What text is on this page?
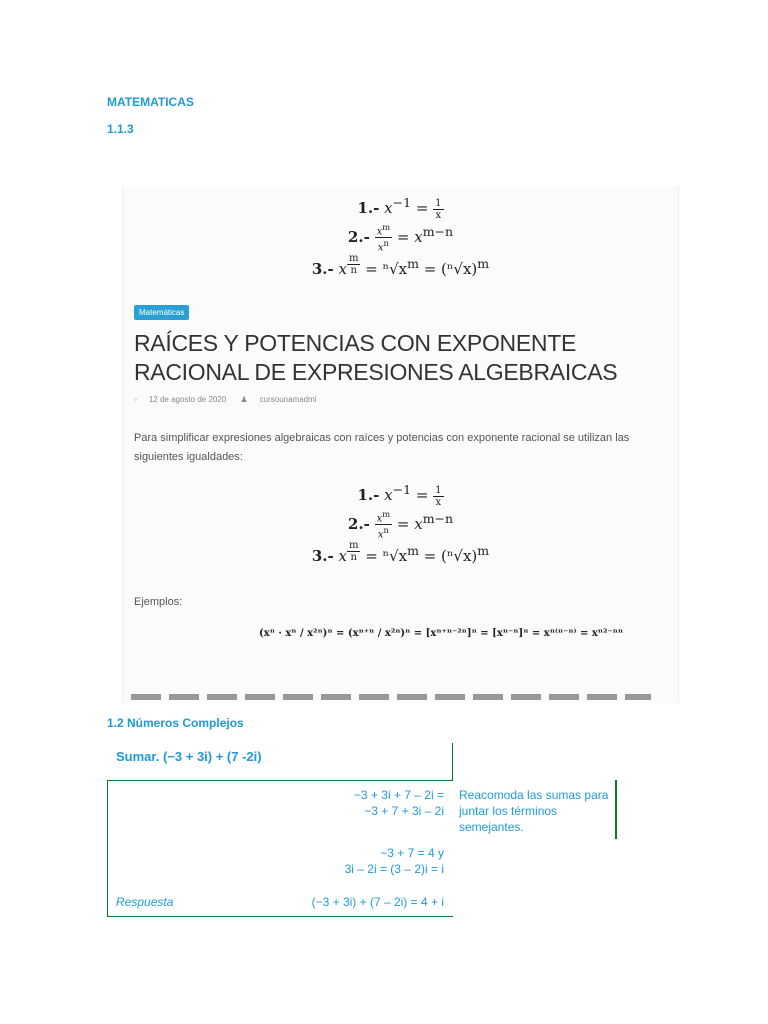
MATEMATICAS
1.1.3
1.- $x^{-1} = \frac{1}{x}$
$2.- \frac{x^m}{x^n} = x^{m-n}$
3.- x $^{\frac{m}{n}} = ^n√x^m = (^n√x)^m$
Matemáticas
RAÍCES Y POTENCIAS CON EXPONENTE RACIONAL DE EXPRESIONES ALGEBRAICAS
▫ 12 de agosto de 2020 ♟ cursounamadmi
Para simplificar expresiones algebraicas con raíces y potencias con exponente racional se utilizan las siguientes igualdades:
1.- $x^{-1} = \frac{1}{x}$
$2.- \frac{x^m}{x^n} = x^{m-n}$
3.- x $^{\frac{m}{n}} = ^n√x^m = (^n√x)^m$
Ejemplos:
(xⁿ · xⁿ / x²ⁿ)ⁿ = (xⁿ⁺ⁿ / x²ⁿ)ⁿ = [xⁿ⁺ⁿ⁻²ⁿ]ⁿ = [xⁿ⁻ⁿ]ⁿ = xⁿ⁽ⁿ⁻ⁿ⁾ = xⁿ²⁻ⁿⁿ
1.2 Números Complejos
Sumar. (−3 + 3i) + (7 -2i)
−3 + 3i + 7 – 2i =
−3 + 7 + 3i – 2i
Reacomoda las sumas para juntar los términos semejantes.
−3 + 7 = 4 y
3i – 2i = (3 – 2)i = i
Respuesta	(−3 + 3i) + (7 – 2i) = 4 + i
